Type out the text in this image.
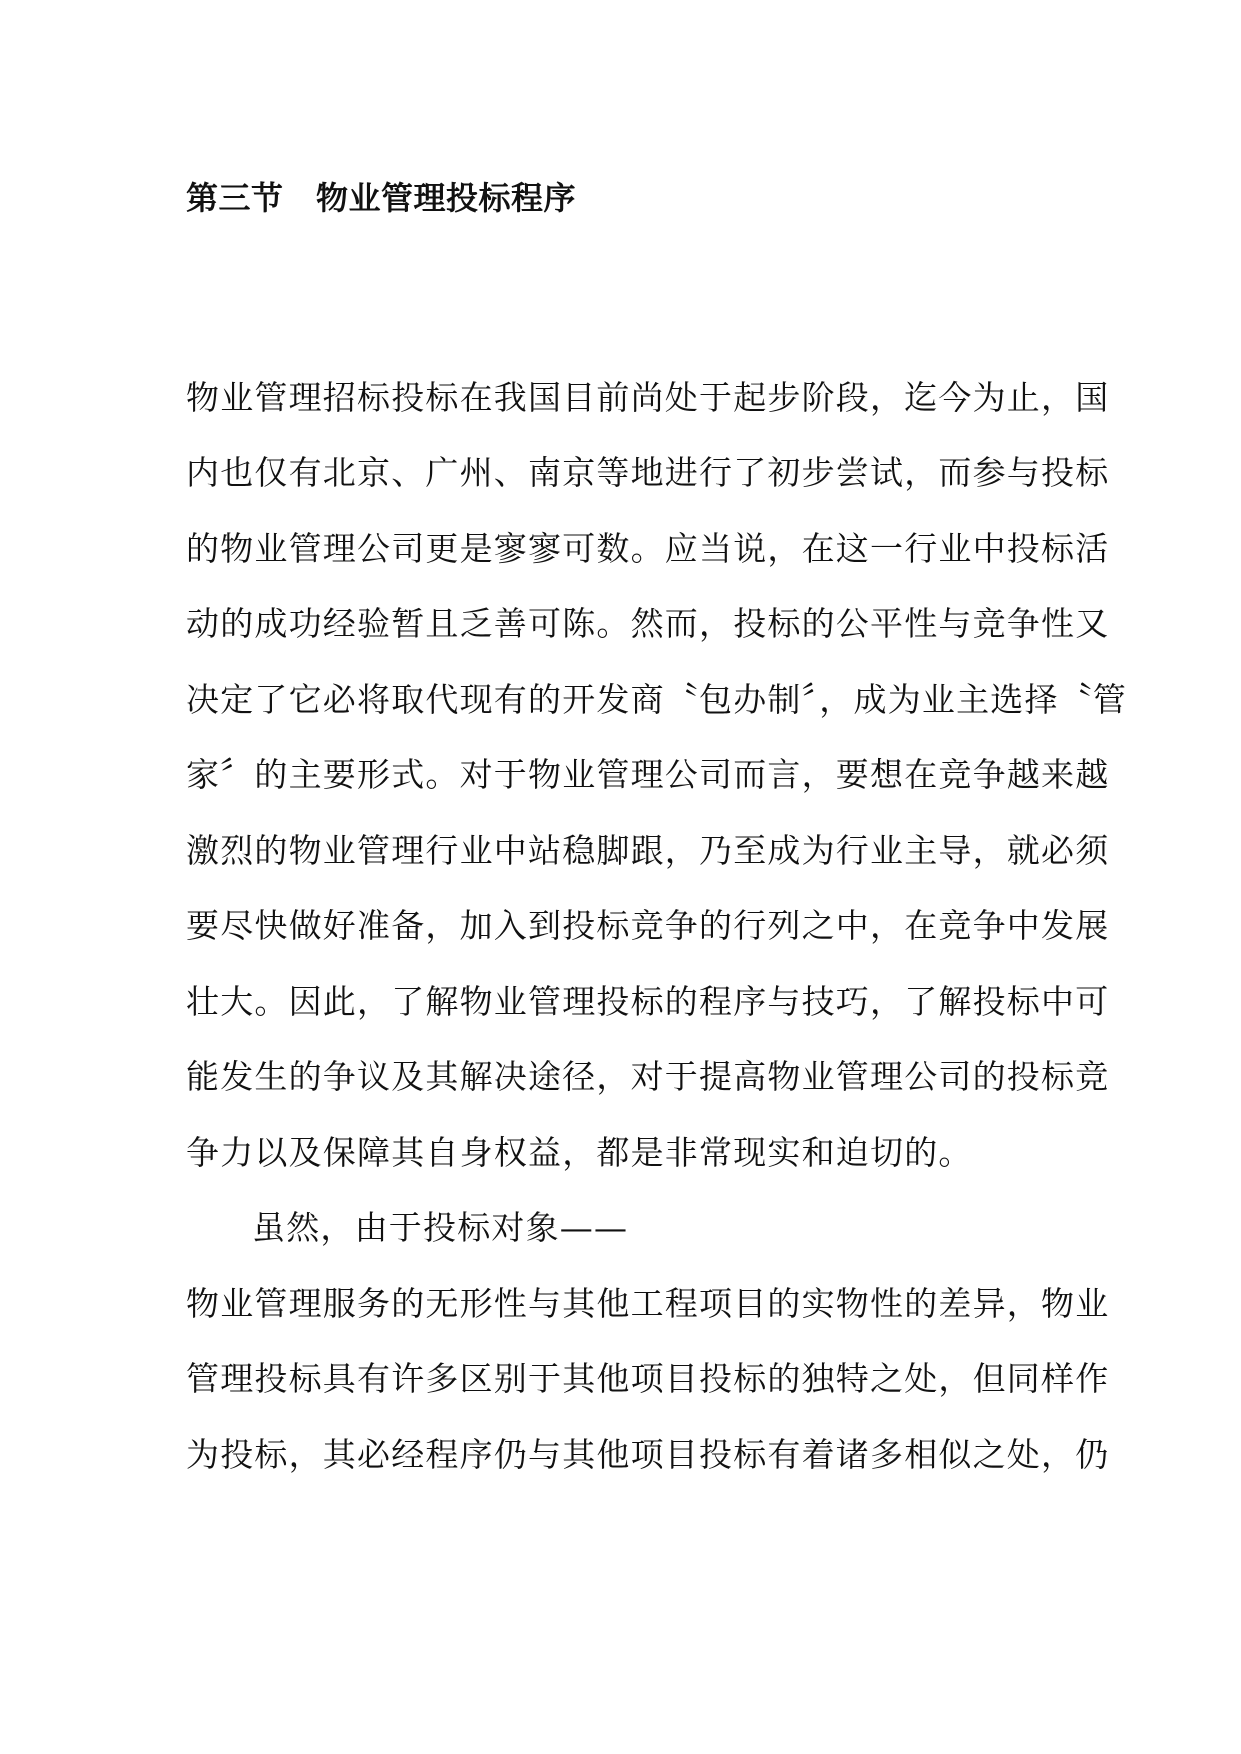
第三节　物业管理投标程序
物业管理招标投标在我国目前尚处于起步阶段，迄今为止，国
内也仅有北京、广州、南京等地进行了初步尝试，而参与投标
的物业管理公司更是寥寥可数。应当说，在这一行业中投标活
动的成功经验暂且乏善可陈。然而，投标的公平性与竞争性又
决定了它必将取代现有的开发商〝包办制〞，成为业主选择〝管
家〞的主要形式。对于物业管理公司而言，要想在竞争越来越
激烈的物业管理行业中站稳脚跟，乃至成为行业主导，就必须
要尽快做好准备，加入到投标竞争的行列之中，在竞争中发展
壮大。因此，了解物业管理投标的程序与技巧，了解投标中可
能发生的争议及其解决途径，对于提高物业管理公司的投标竞
争力以及保障其自身权益，都是非常现实和迫切的。
虽然，由于投标对象——
物业管理服务的无形性与其他工程项目的实物性的差异，物业
管理投标具有许多区别于其他项目投标的独特之处，但同样作
为投标，其必经程序仍与其他项目投标有着诸多相似之处，仍
